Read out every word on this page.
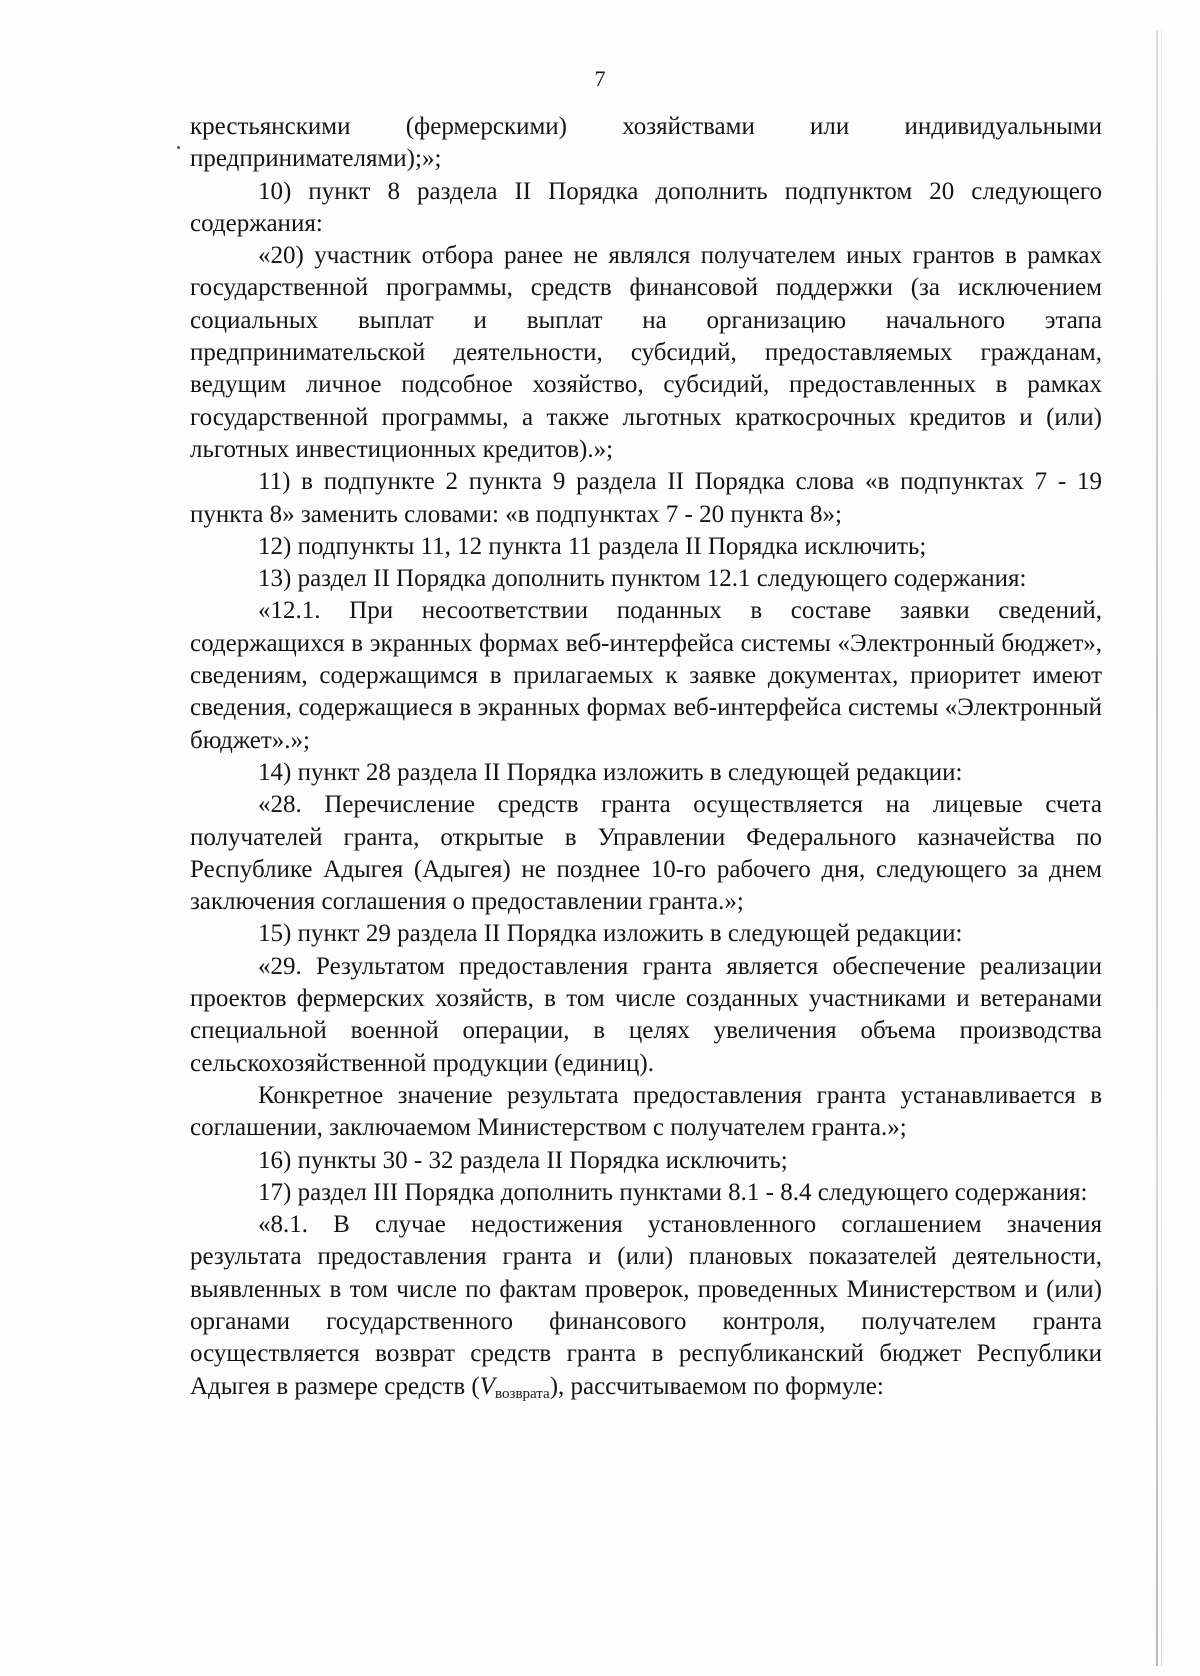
7

крестьянскими (фермерскими) хозяйствами или индивидуальными предпринимателями);»;

10) пункт 8 раздела II Порядка дополнить подпунктом 20 следующего содержания:

«20) участник отбора ранее не являлся получателем иных грантов в рамках государственной программы, средств финансовой поддержки (за исключением социальных выплат и выплат на организацию начального этапа предпринимательской деятельности, субсидий, предоставляемых гражданам, ведущим личное подсобное хозяйство, субсидий, предоставленных в рамках государственной программы, а также льготных краткосрочных кредитов и (или) льготных инвестиционных кредитов).»;

11) в подпункте 2 пункта 9 раздела II Порядка слова «в подпунктах 7 - 19 пункта 8» заменить словами: «в подпунктах 7 - 20 пункта 8»;

12) подпункты 11, 12 пункта 11 раздела II Порядка исключить;

13) раздел II Порядка дополнить пунктом 12.1 следующего содержания:

«12.1. При несоответствии поданных в составе заявки сведений, содержащихся в экранных формах веб-интерфейса системы «Электронный бюджет», сведениям, содержащимся в прилагаемых к заявке документах, приоритет имеют сведения, содержащиеся в экранных формах веб-интерфейса системы «Электронный бюджет».»;

14) пункт 28 раздела II Порядка изложить в следующей редакции:

«28. Перечисление средств гранта осуществляется на лицевые счета получателей гранта, открытые в Управлении Федерального казначейства по Республике Адыгея (Адыгея) не позднее 10-го рабочего дня, следующего за днем заключения соглашения о предоставлении гранта.»;

15) пункт 29 раздела II Порядка изложить в следующей редакции:

«29. Результатом предоставления гранта является обеспечение реализации проектов фермерских хозяйств, в том числе созданных участниками и ветеранами специальной военной операции, в целях увеличения объема производства сельскохозяйственной продукции (единиц).

Конкретное значение результата предоставления гранта устанавливается в соглашении, заключаемом Министерством с получателем гранта.»;

16) пункты 30 - 32 раздела II Порядка исключить;

17) раздел III Порядка дополнить пунктами 8.1 - 8.4 следующего содержания:

«8.1. В случае недостижения установленного соглашением значения результата предоставления гранта и (или) плановых показателей деятельности, выявленных в том числе по фактам проверок, проведенных Министерством и (или) органами государственного финансового контроля, получателем гранта осуществляется возврат средств гранта в республиканский бюджет Республики Адыгея в размере средств $(V_{возврата})$, рассчитываемом по формуле:
